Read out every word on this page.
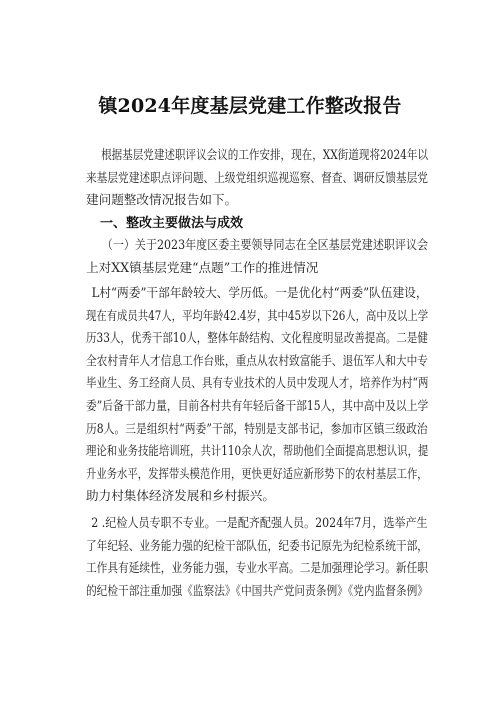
镇2024年度基层党建工作整改报告
根据基层党建述职评议会议的工作安排，现在，XX街道现将2024年以
来基层党建述职点评问题、上级党组织巡视巡察、督查、调研反馈基层党
建问题整改情况报告如下。
一、整改主要做法与成效
（一）关于2023年度区委主要领导同志在全区基层党建述职评议会
上对XX镇基层党建“点题”工作的推进情况
L村“两委”干部年龄较大、学历低。一是优化村“两委”队伍建设，
现在有成员共47人，平均年龄42.4岁，其中45岁以下26人，高中及以上学
历33人，优秀干部10人，整体年龄结构、文化程度明显改善提高。二是健
全农村青年人才信息工作台账，重点从农村致富能手、退伍军人和大中专
毕业生、务工经商人员、具有专业技术的人员中发现人才，培养作为村“两
委”后备干部力量，目前各村共有年轻后备干部15人，其中高中及以上学
历8人。三是组织村“两委”干部，特别是支部书记，参加市区镇三级政治
理论和业务技能培训班，共计110余人次，帮助他们全面提高思想认识，提
升业务水平，发挥带头模范作用，更快更好适应新形势下的农村基层工作，
助力村集体经济发展和乡村振兴。
2 .纪检人员专职不专业。一是配齐配强人员。2024年7月，选举产生
了年纪轻、业务能力强的纪检干部队伍，纪委书记原先为纪检系统干部，
工作具有延续性，业务能力强，专业水平高。二是加强理论学习。新任职
的纪检干部注重加强《监察法》《中国共产党问责条例》《党内监督条例》
